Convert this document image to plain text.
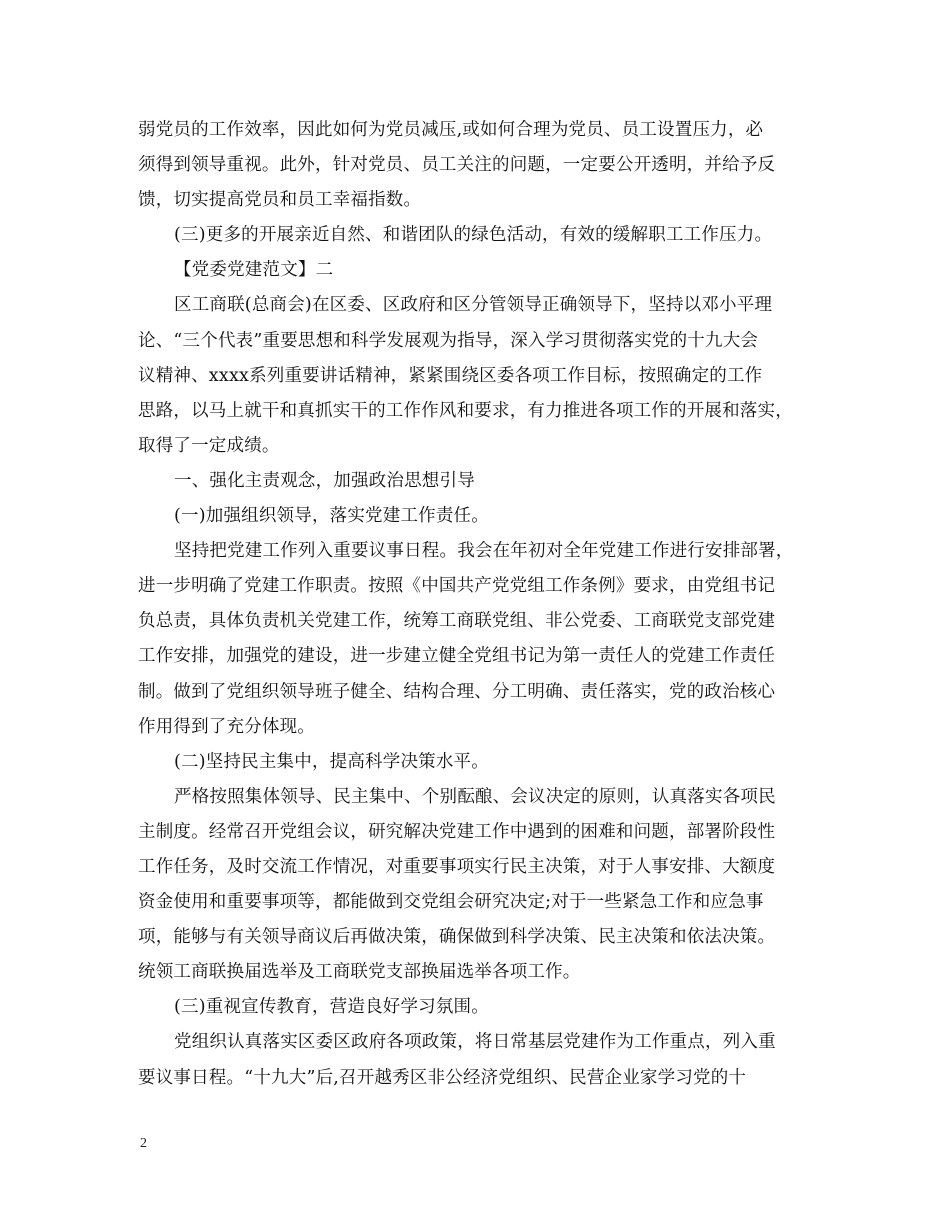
弱党员的工作效率，因此如何为党员减压,或如何合理为党员、员工设置压力，必
须得到领导重视。此外，针对党员、员工关注的问题，一定要公开透明，并给予反
馈，切实提高党员和员工幸福指数。
(三)更多的开展亲近自然、和谐团队的绿色活动，有效的缓解职工工作压力。
【党委党建范文】二
区工商联(总商会)在区委、区政府和区分管领导正确领导下，坚持以邓小平理
论、“三个代表”重要思想和科学发展观为指导，深入学习贯彻落实党的十九大会
议精神、xxxx系列重要讲话精神，紧紧围绕区委各项工作目标，按照确定的工作
思路，以马上就干和真抓实干的工作作风和要求，有力推进各项工作的开展和落实，
取得了一定成绩。
一、强化主责观念，加强政治思想引导
(一)加强组织领导，落实党建工作责任。
坚持把党建工作列入重要议事日程。我会在年初对全年党建工作进行安排部署，
进一步明确了党建工作职责。按照《中国共产党党组工作条例》要求，由党组书记
负总责，具体负责机关党建工作，统筹工商联党组、非公党委、工商联党支部党建
工作安排，加强党的建设，进一步建立健全党组书记为第一责任人的党建工作责任
制。做到了党组织领导班子健全、结构合理、分工明确、责任落实，党的政治核心
作用得到了充分体现。
(二)坚持民主集中，提高科学决策水平。
严格按照集体领导、民主集中、个别酝酿、会议决定的原则，认真落实各项民
主制度。经常召开党组会议，研究解决党建工作中遇到的困难和问题，部署阶段性
工作任务，及时交流工作情况，对重要事项实行民主决策，对于人事安排、大额度
资金使用和重要事项等，都能做到交党组会研究决定;对于一些紧急工作和应急事
项，能够与有关领导商议后再做决策，确保做到科学决策、民主决策和依法决策。
统领工商联换届选举及工商联党支部换届选举各项工作。
(三)重视宣传教育，营造良好学习氛围。
党组织认真落实区委区政府各项政策，将日常基层党建作为工作重点，列入重
要议事日程。“十九大”后,召开越秀区非公经济党组织、民营企业家学习党的十
2
